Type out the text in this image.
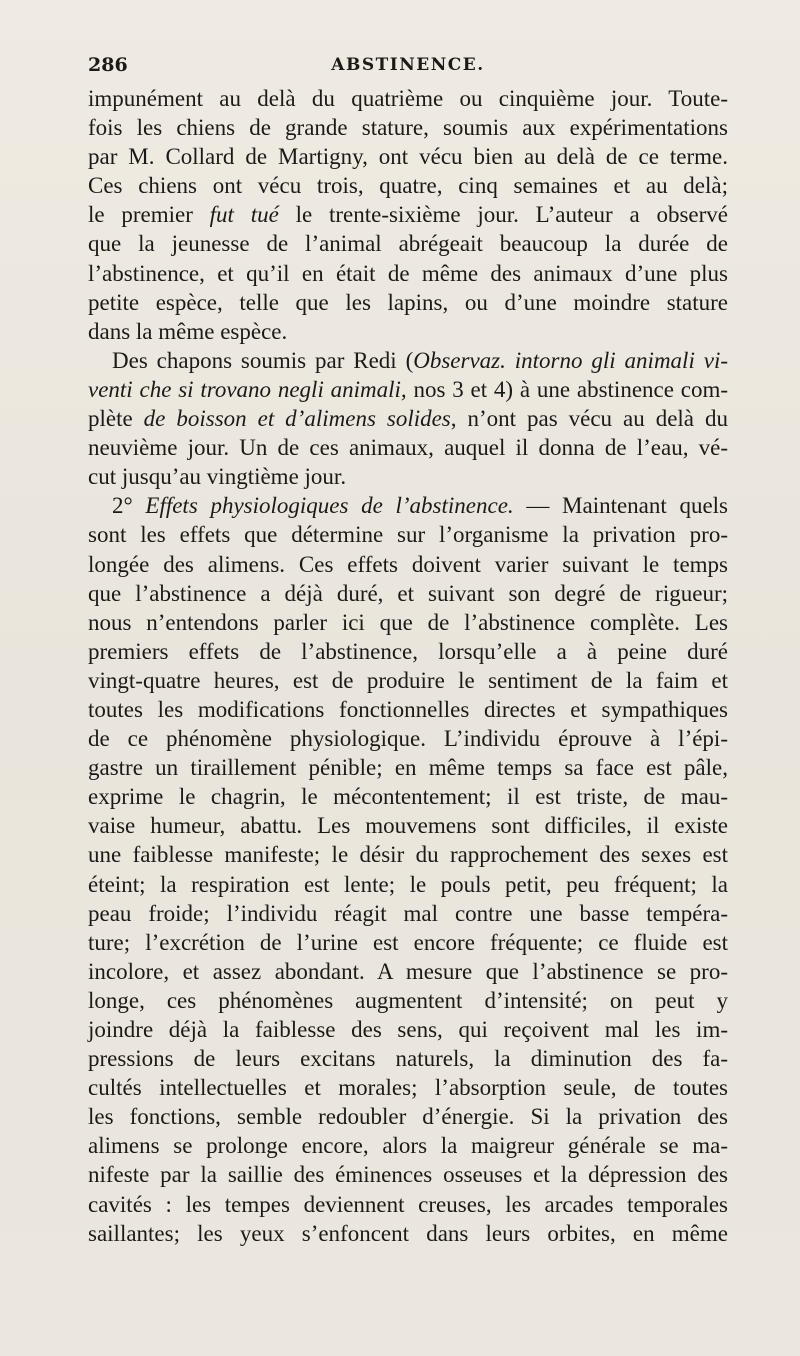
286	ABSTINENCE.
impunément au delà du quatrième ou cinquième jour. Toute-
fois les chiens de grande stature, soumis aux expérimentations
par M. Collard de Martigny, ont vécu bien au delà de ce terme.
Ces chiens ont vécu trois, quatre, cinq semaines et au delà;
le premier fut tué le trente-sixième jour. L’auteur a observé
que la jeunesse de l’animal abrégeait beaucoup la durée de
l’abstinence, et qu’il en était de même des animaux d’une plus
petite espèce, telle que les lapins, ou d’une moindre stature
dans la même espèce.
Des chapons soumis par Redi (Observaz. intorno gli animali vi-
venti che si trovano negli animali, nos 3 et 4) à une abstinence com-
plète de boisson et d’alimens solides, n’ont pas vécu au delà du
neuvième jour. Un de ces animaux, auquel il donna de l’eau, vé-
cut jusqu’au vingtième jour.
2° Effets physiologiques de l’abstinence. — Maintenant quels
sont les effets que détermine sur l’organisme la privation pro-
longée des alimens. Ces effets doivent varier suivant le temps
que l’abstinence a déjà duré, et suivant son degré de rigueur;
nous n’entendons parler ici que de l’abstinence complète. Les
premiers effets de l’abstinence, lorsqu’elle a à peine duré
vingt-quatre heures, est de produire le sentiment de la faim et
toutes les modifications fonctionnelles directes et sympathiques
de ce phénomène physiologique. L’individu éprouve à l’épi-
gastre un tiraillement pénible; en même temps sa face est pâle,
exprime le chagrin, le mécontentement; il est triste, de mau-
vaise humeur, abattu. Les mouvemens sont difficiles, il existe
une faiblesse manifeste; le désir du rapprochement des sexes est
éteint; la respiration est lente; le pouls petit, peu fréquent; la
peau froide; l’individu réagit mal contre une basse tempéra-
ture; l’excrétion de l’urine est encore fréquente; ce fluide est
incolore, et assez abondant. A mesure que l’abstinence se pro-
longe, ces phénomènes augmentent d’intensité; on peut y
joindre déjà la faiblesse des sens, qui reçoivent mal les im-
pressions de leurs excitans naturels, la diminution des fa-
cultés intellectuelles et morales; l’absorption seule, de toutes
les fonctions, semble redoubler d’énergie. Si la privation des
alimens se prolonge encore, alors la maigreur générale se ma-
nifeste par la saillie des éminences osseuses et la dépression des
cavités : les tempes deviennent creuses, les arcades temporales
saillantes; les yeux s’enfoncent dans leurs orbites, en même
